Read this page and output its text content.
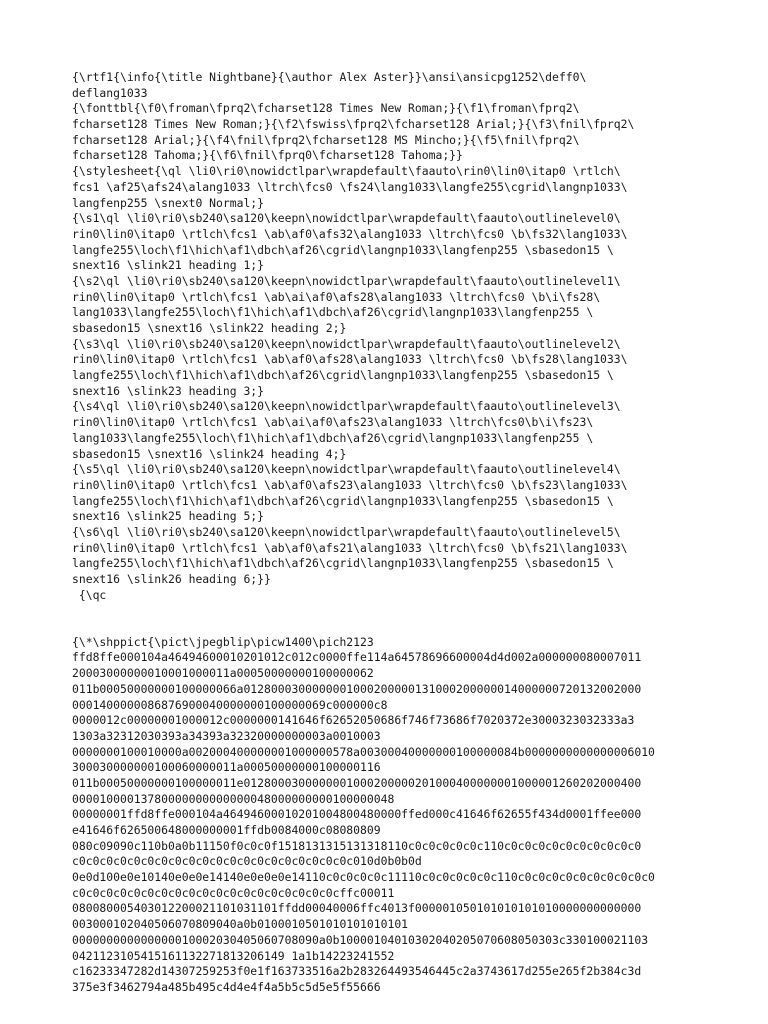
{\rtf1{\info{\title Nightbane}{\author Alex Aster}}\ansi\ansicpg1252\deff0\
deflang1033
{\fonttbl{\f0\froman\fprq2\fcharset128 Times New Roman;}{\f1\froman\fprq2\
fcharset128 Times New Roman;}{\f2\fswiss\fprq2\fcharset128 Arial;}{\f3\fnil\fprq2\
fcharset128 Arial;}{\f4\fnil\fprq2\fcharset128 MS Mincho;}{\f5\fnil\fprq2\
fcharset128 Tahoma;}{\f6\fnil\fprq0\fcharset128 Tahoma;}}
{\stylesheet{\ql \li0\ri0\nowidctlpar\wrapdefault\faauto\rin0\lin0\itap0 \rtlch\
fcs1 \af25\afs24\alang1033 \ltrch\fcs0 \fs24\lang1033\langfe255\cgrid\langnp1033\
langfenp255 \snext0 Normal;}
{\s1\ql \li0\ri0\sb240\sa120\keepn\nowidctlpar\wrapdefault\faauto\outlinelevel0\
rin0\lin0\itap0 \rtlch\fcs1 \ab\af0\afs32\alang1033 \ltrch\fcs0 \b\fs32\lang1033\
langfe255\loch\f1\hich\af1\dbch\af26\cgrid\langnp1033\langfenp255 \sbasedon15 \
snext16 \slink21 heading 1;}
{\s2\ql \li0\ri0\sb240\sa120\keepn\nowidctlpar\wrapdefault\faauto\outlinelevel1\
rin0\lin0\itap0 \rtlch\fcs1 \ab\ai\af0\afs28\alang1033 \ltrch\fcs0 \b\i\fs28\
lang1033\langfe255\loch\f1\hich\af1\dbch\af26\cgrid\langnp1033\langfenp255 \
sbasedon15 \snext16 \slink22 heading 2;}
{\s3\ql \li0\ri0\sb240\sa120\keepn\nowidctlpar\wrapdefault\faauto\outlinelevel2\
rin0\lin0\itap0 \rtlch\fcs1 \ab\af0\afs28\alang1033 \ltrch\fcs0 \b\fs28\lang1033\
langfe255\loch\f1\hich\af1\dbch\af26\cgrid\langnp1033\langfenp255 \sbasedon15 \
snext16 \slink23 heading 3;}
{\s4\ql \li0\ri0\sb240\sa120\keepn\nowidctlpar\wrapdefault\faauto\outlinelevel3\
rin0\lin0\itap0 \rtlch\fcs1 \ab\ai\af0\afs23\alang1033 \ltrch\fcs0\b\i\fs23\
lang1033\langfe255\loch\f1\hich\af1\dbch\af26\cgrid\langnp1033\langfenp255 \
sbasedon15 \snext16 \slink24 heading 4;}
{\s5\ql \li0\ri0\sb240\sa120\keepn\nowidctlpar\wrapdefault\faauto\outlinelevel4\
rin0\lin0\itap0 \rtlch\fcs1 \ab\af0\afs23\alang1033 \ltrch\fcs0 \b\fs23\lang1033\
langfe255\loch\f1\hich\af1\dbch\af26\cgrid\langnp1033\langfenp255 \sbasedon15 \
snext16 \slink25 heading 5;}
{\s6\ql \li0\ri0\sb240\sa120\keepn\nowidctlpar\wrapdefault\faauto\outlinelevel5\
rin0\lin0\itap0 \rtlch\fcs1 \ab\af0\afs21\alang1033 \ltrch\fcs0 \b\fs21\lang1033\
langfe255\loch\f1\hich\af1\dbch\af26\cgrid\langnp1033\langfenp255 \sbasedon15 \
snext16 \slink26 heading 6;}}
{\qc
{\*\shppict{\pict\jpegblip\picw1400\pich2123
ffd8ffe000104a46494600010201012c012c0000ffe114a64578696600004d4d002a000000080007011
20003000000010001000011a00050000000100000062
011b00050000000100000066a0128000300000001000200000131000200000014000000720132002000
0001400000086876900040000000100000069c000000c8
0000012c00000001000012c0000000141646f62652050686f746f73686f7020372e3000323032333a3
1303a32312030393a34393a32320000000003a0010003
0000000100010000a002000400000001000000578a00300040000000100000084b0000000000000006010
300030000000100060000011a00050000000100000116
011b00050000000100000011e0128000300000001000200000201000400000001000001260202000400
00001000013780000000000000048000000000100000048
00000001ffd8ffe000104a46494600010201004800480000ffed000c41646f62655f434d0001ffee000
e41646f626500648000000001ffdb0084000c08080809
080c09090c110b0a0b11150f0c0c0f1518131315131318110c0c0c0c0c0c110c0c0c0c0c0c0c0c0c0c0
c0c0c0c0c0c0c0c0c0c0c0c0c0c0c0c0c0c0c0c0c010d0b0b0d
0e0d100e0e10140e0e0e14140e0e0e0e14110c0c0c0c0c11110c0c0c0c0c0c110c0c0c0c0c0c0c0c0c0c0
c0c0c0c0c0c0c0c0c0c0c0c0c0c0c0c0c0c0c0cffc00011
080080005403012200021101031101ffdd00040006ffc4013f000001050101010101010000000000000
003000102040506070809040a0b0100010501010101010101
000000000000000010002030405060708090a0b10000104010302040205070608050303c330100021103
0421123105415161132271813206149 1a1b14223241552
c16233347282d14307259253f0e1f163733516a2b283264493546445c2a3743617d255e265f2b384c3d
375e3f3462794a485b495c4d4e4f4a5b5c5d5e5f55666
